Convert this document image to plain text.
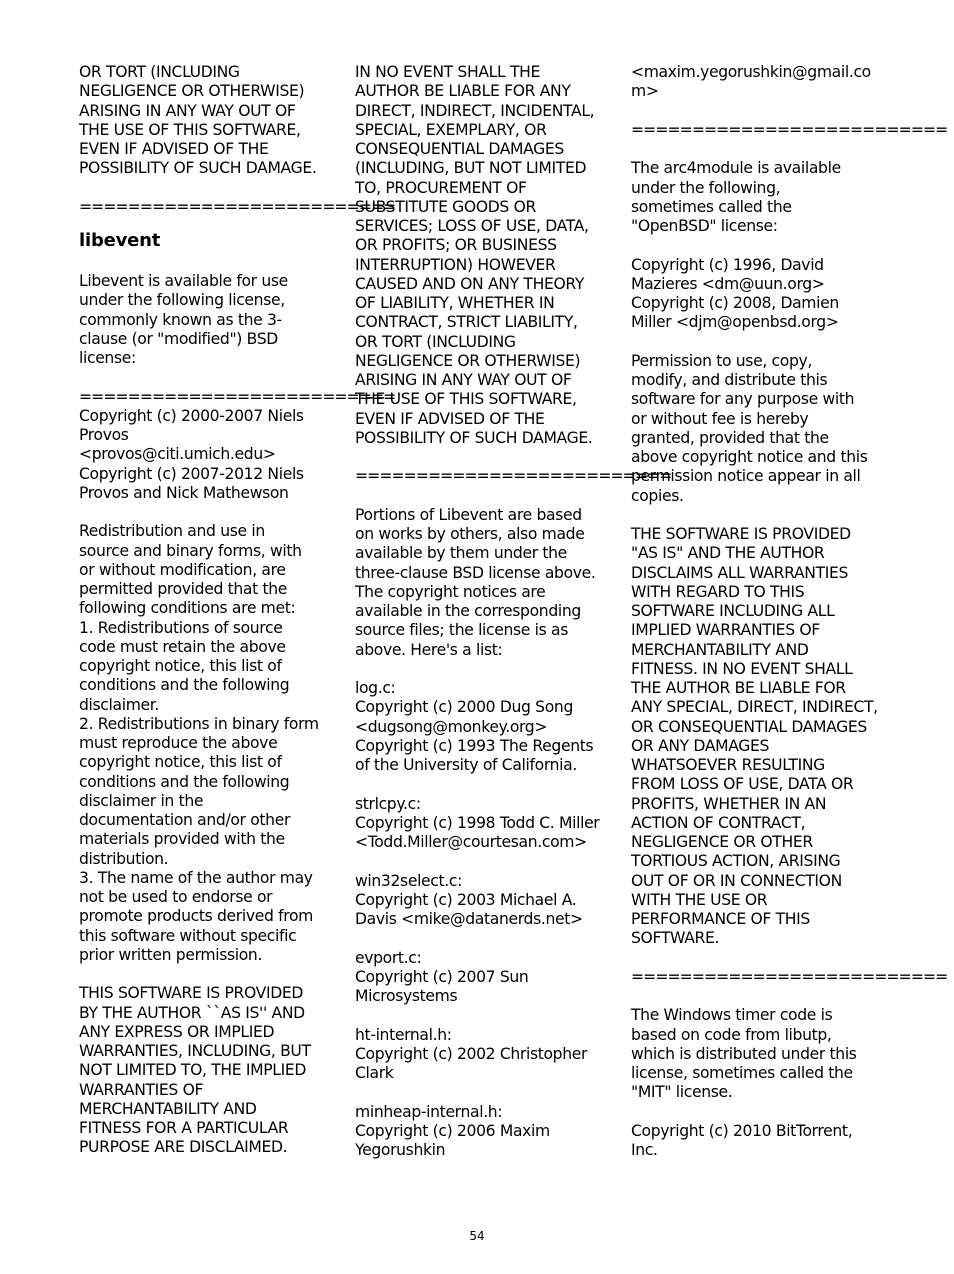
OR TORT (INCLUDING
NEGLIGENCE OR OTHERWISE)
ARISING IN ANY WAY OUT OF
THE USE OF THIS SOFTWARE,
EVEN IF ADVISED OF THE
POSSIBILITY OF SUCH DAMAGE.

==========================

libevent

Libevent is available for use
under the following license,
commonly known as the 3-
clause (or "modified") BSD
license:

==========================

Copyright (c) 2000-2007 Niels
Provos
<provos@citi.umich.edu>
Copyright (c) 2007-2012 Niels
Provos and Nick Mathewson

Redistribution and use in
source and binary forms, with
or without modification, are
permitted provided that the
following conditions are met:
1. Redistributions of source
code must retain the above
copyright notice, this list of
conditions and the following
disclaimer.
2. Redistributions in binary form
must reproduce the above
copyright notice, this list of
conditions and the following
disclaimer in the
documentation and/or other
materials provided with the
distribution.
3. The name of the author may
not be used to endorse or
promote products derived from
this software without specific
prior written permission.

THIS SOFTWARE IS PROVIDED
BY THE AUTHOR ``AS IS'' AND
ANY EXPRESS OR IMPLIED
WARRANTIES, INCLUDING, BUT
NOT LIMITED TO, THE IMPLIED
WARRANTIES OF
MERCHANTABILITY AND
FITNESS FOR A PARTICULAR
PURPOSE ARE DISCLAIMED.

IN NO EVENT SHALL THE
AUTHOR BE LIABLE FOR ANY
DIRECT, INDIRECT, INCIDENTAL,
SPECIAL, EXEMPLARY, OR
CONSEQUENTIAL DAMAGES
(INCLUDING, BUT NOT LIMITED
TO, PROCUREMENT OF
SUBSTITUTE GOODS OR
SERVICES; LOSS OF USE, DATA,
OR PROFITS; OR BUSINESS
INTERRUPTION) HOWEVER
CAUSED AND ON ANY THEORY
OF LIABILITY, WHETHER IN
CONTRACT, STRICT LIABILITY,
OR TORT (INCLUDING
NEGLIGENCE OR OTHERWISE)
ARISING IN ANY WAY OUT OF
THE USE OF THIS SOFTWARE,
EVEN IF ADVISED OF THE
POSSIBILITY OF SUCH DAMAGE.

==========================

Portions of Libevent are based
on works by others, also made
available by them under the
three-clause BSD license above.
The copyright notices are
available in the corresponding
source files; the license is as
above. Here's a list:

log.c:
Copyright (c) 2000 Dug Song
<dugsong@monkey.org>
Copyright (c) 1993 The Regents
of the University of California.

strlcpy.c:
Copyright (c) 1998 Todd C. Miller
<Todd.Miller@courtesan.com>

win32select.c:
Copyright (c) 2003 Michael A.
Davis <mike@datanerds.net>

evport.c:
Copyright (c) 2007 Sun
Microsystems

ht-internal.h:
Copyright (c) 2002 Christopher
Clark

minheap-internal.h:
Copyright (c) 2006 Maxim
Yegorushkin

<maxim.yegorushkin@gmail.co
m>

==========================

The arc4module is available
under the following,
sometimes called the
"OpenBSD" license:

Copyright (c) 1996, David
Mazieres <dm@uun.org>
Copyright (c) 2008, Damien
Miller <djm@openbsd.org>

Permission to use, copy,
modify, and distribute this
software for any purpose with
or without fee is hereby
granted, provided that the
above copyright notice and this
permission notice appear in all
copies.

THE SOFTWARE IS PROVIDED
"AS IS" AND THE AUTHOR
DISCLAIMS ALL WARRANTIES
WITH REGARD TO THIS
SOFTWARE INCLUDING ALL
IMPLIED WARRANTIES OF
MERCHANTABILITY AND
FITNESS. IN NO EVENT SHALL
THE AUTHOR BE LIABLE FOR
ANY SPECIAL, DIRECT, INDIRECT,
OR CONSEQUENTIAL DAMAGES
OR ANY DAMAGES
WHATSOEVER RESULTING
FROM LOSS OF USE, DATA OR
PROFITS, WHETHER IN AN
ACTION OF CONTRACT,
NEGLIGENCE OR OTHER
TORTIOUS ACTION, ARISING
OUT OF OR IN CONNECTION
WITH THE USE OR
PERFORMANCE OF THIS
SOFTWARE.

==========================

The Windows timer code is
based on code from libutp,
which is distributed under this
license, sometimes called the
"MIT" license.

Copyright (c) 2010 BitTorrent,
Inc.

54
